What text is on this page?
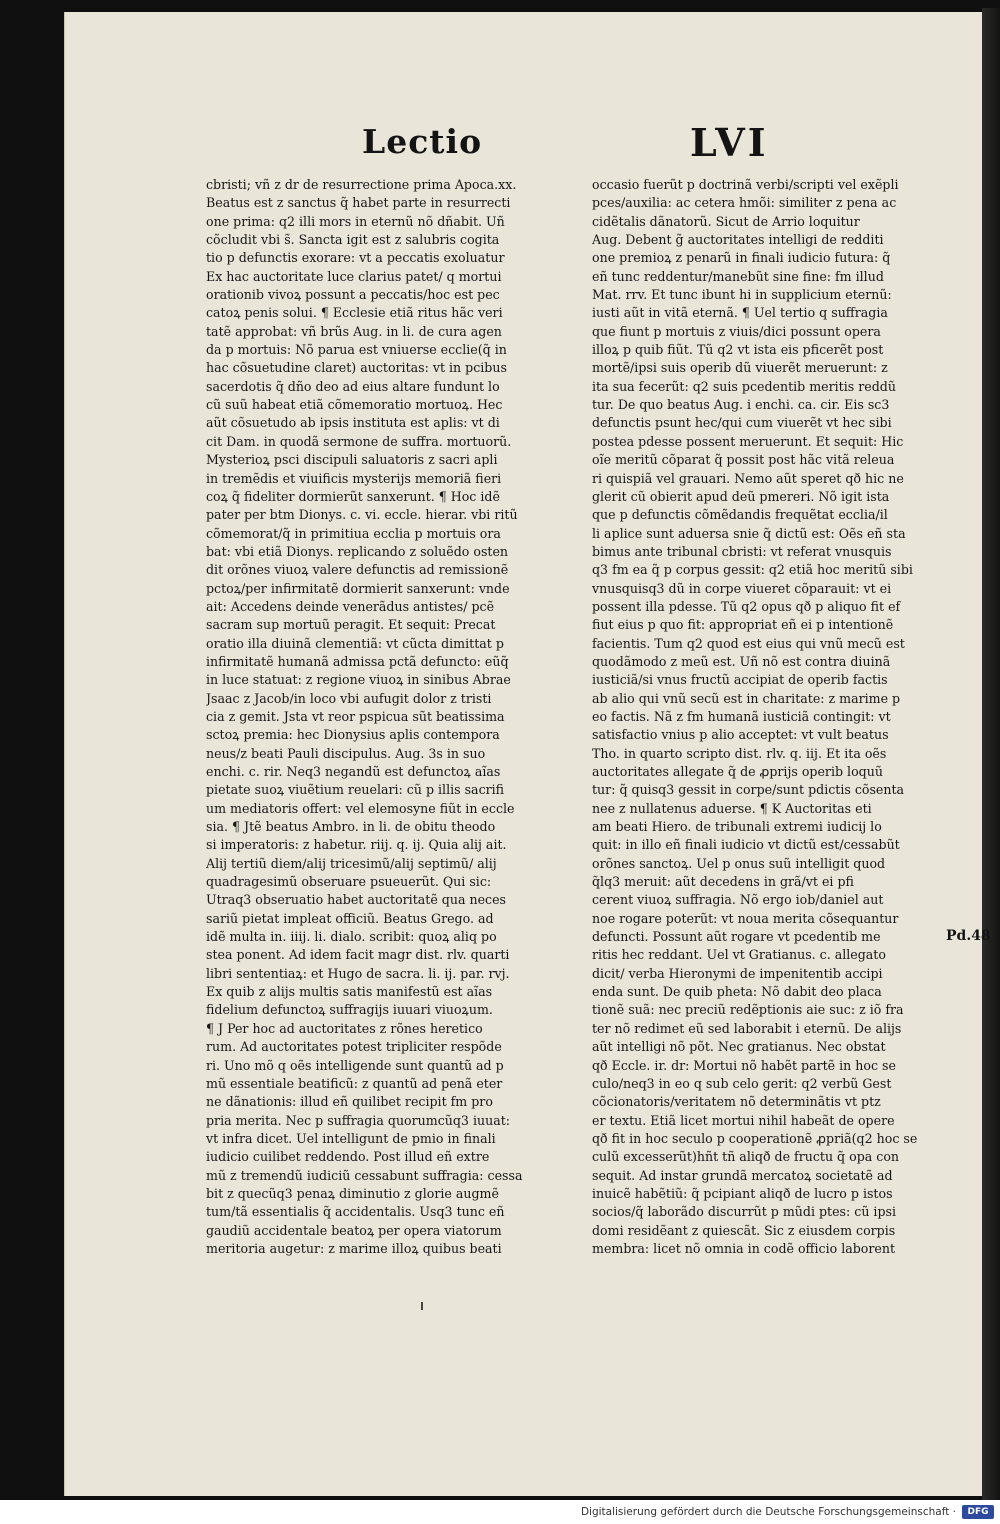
Lectio	LVI
cbristi; vñ z dr de resurrectione prima Apoca.xx.
Beatus est z sanctus q̃ habet parte in resurrecti
one prima: q2 illi mors in eternũ nõ dñabit. Uñ
cõcludit vbi s̃. Sancta igit est z salubris cogita
tio p defunctis exorare: vt a peccatis exoluatur
Ex hac auctoritate luce clarius patet/ q mortui
orationib vivoꝝ possunt a peccatis/hoc est pec
catoꝝ penis solui. ¶ Ecclesie etiã ritus hãc veri
tatẽ approbat: vñ brũs Aug. in li. de cura agen
da p mortuis: Nõ parua est vniuerse ecclie(q̃ in
hac cõsuetudine claret) auctoritas: vt in pcibus
sacerdotis q̃ dño deo ad eius altare fundunt lo
cũ suũ habeat etiã cõmemoratio mortuoꝝ. Hec
aũt cõsuetudo ab ipsis instituta est aplis: vt di
cit Dam. in quodã sermone de suffra. mortuorũ.
Mysterioꝝ psci discipuli saluatoris z sacri apli
in tremẽdis et viuificis mysterijs memoriã fieri
coꝝ q̃ fideliter dormierũt sanxerunt. ¶ Hoc idẽ
pater per btm Dionys. c. vi. eccle. hierar. vbi ritũ
cõmemorat/q̃ in primitiua ecclia p mortuis ora
bat: vbi etiã Dionys. replicando z soluẽdo osten
dit orõnes viuoꝝ valere defunctis ad remissionẽ
pctoꝝ/per infirmitatẽ dormierit sanxerunt: vnde
ait: Accedens deinde venerãdus antistes/ pcẽ
sacram sup mortuũ peragit. Et sequit: Precat
oratio illa diuinã clementiã: vt cũcta dimittat p
infirmitatẽ humanã admissa pctã defuncto: eũq̃
in luce statuat: z regione viuoꝝ in sinibus Abrae
Jsaac z Jacob/in loco vbi aufugit dolor z tristi
cia z gemit. Jsta vt reor pspicua sũt beatissima
sctoꝝ premia: hec Dionysius aplis contempora
neus/z beati Pauli discipulus. Aug. 3s in suo
enchi. c. rir. Neq3 negandũ est defunctoꝝ aĩas
pietate suoꝝ viuẽtium reuelari: cũ p illis sacrifi
um mediatoris offert: vel elemosyne fiũt in eccle
sia. ¶ Jtẽ beatus Ambro. in li. de obitu theodo
si imperatoris: z habetur. riij. q. ij. Quia alij ait.
Alij tertiũ diem/alij tricesimũ/alij septimũ/ alij
quadragesimũ obseruare psueuerũt. Qui sic:
Utraq3 obseruatio habet auctoritatẽ qua neces
sariũ pietat impleat officiũ. Beatus Grego. ad
idẽ multa in. iiij. li. dialo. scribit: quoꝝ aliq po
stea ponent. Ad idem facit magr dist. rlv. quarti
libri sententiaꝝ: et Hugo de sacra. li. ij. par. rvj.
Ex quib z alijs multis satis manifestũ est aĩas
fidelium defunctoꝝ suffragijs iuuari viuoꝝum.
¶ J Per hoc ad auctoritates z rõnes heretico
rum. Ad auctoritates potest tripliciter respõde
ri. Uno mõ q oẽs intelligende sunt quantũ ad p
mũ essentiale beatificũ: z quantũ ad penã eter
ne dãnationis: illud eñ quilibet recipit fm pro
pria merita. Nec p suffragia quorumcũq3 iuuat:
vt infra dicet. Uel intelligunt de pmio in finali
iudicio cuilibet reddendo. Post illud eñ extre
mũ z tremendũ iudiciũ cessabunt suffragia: cessa
bit z quecũq3 penaꝝ diminutio z glorie augmẽ
tum/tã essentialis q̃ accidentalis. Usq3 tunc eñ
gaudiũ accidentale beatoꝝ per opera viatorum
meritoria augetur: z marime illoꝝ quibus beati
occasio fuerũt p doctrinã verbi/scripti vel exẽpli
pces/auxilia: ac cetera hmõi: similiter z pena ac
cidẽtalis dãnatorũ. Sicut de Arrio loquitur
Aug. Debent g̃ auctoritates intelligi de redditi
one premioꝝ z penarũ in finali iudicio futura: q̃
eñ tunc reddentur/manebũt sine fine: fm illud
Mat. rrv. Et tunc ibunt hi in supplicium eternũ:
iusti aũt in vitã eternã. ¶ Uel tertio q suffragia
que fiunt p mortuis z viuis/dici possunt opera
illoꝝ p quib fiũt. Tũ q2 vt ista eis pficerẽt post
mortẽ/ipsi suis operib dũ viuerẽt meruerunt: z
ita sua fecerũt: q2 suis pcedentib meritis reddũ
tur. De quo beatus Aug. i enchi. ca. cir. Eis sc3
defunctis psunt hec/qui cum viuerẽt vt hec sibi
postea pdesse possent meruerunt. Et sequit: Hic
oĩe meritũ cõparat q̃ possit post hãc vitã releua
ri quispiã vel grauari. Nemo aũt speret qð hic ne
glerit cũ obierit apud deũ pmereri. Nõ igit ista
que p defunctis cõmẽdandis frequẽtat ecclia/il
li aplice sunt aduersa snie q̃ dictũ est: Oẽs eñ sta
bimus ante tribunal cbristi: vt referat vnusquis
q3 fm ea q̃ p corpus gessit: q2 etiã hoc meritũ sibi
vnusquisq3 dũ in corpe viueret cõparauit: vt ei
possent illa pdesse. Tũ q2 opus qð p aliquo fit ef
fiut eius p quo fit: appropriat eñ ei p intentionẽ
facientis. Tum q2 quod est eius qui vnũ mecũ est
quodãmodo z meũ est. Uñ nõ est contra diuinã
iusticiã/si vnus fructũ accipiat de operib factis
ab alio qui vnũ secũ est in charitate: z marime p
eo factis. Nã z fm humanã iusticiã contingit: vt
satisfactio vnius p alio acceptet: vt vult beatus
Tho. in quarto scripto dist. rlv. q. iij. Et ita oẽs
auctoritates allegate q̃ de ꝓprijs operib loquũ
tur: q̃ quisq3 gessit in corpe/sunt pdictis cõsenta
nee z nullatenus aduerse. ¶ K Auctoritas eti
am beati Hiero. de tribunali extremi iudicij lo
quit: in illo eñ finali iudicio vt dictũ est/cessabũt
orõnes sanctoꝝ. Uel p onus suũ intelligit quod
q̃lq3 meruit: aũt decedens in grã/vt ei pfi
cerent viuoꝝ suffragia. Nõ ergo iob/daniel aut
noe rogare poterũt: vt noua merita cõsequantur
defuncti. Possunt aũt rogare vt pcedentib me
ritis hec reddant. Uel vt Gratianus. c. allegato
dicit/ verba Hieronymi de impenitentib accipi
enda sunt. De quib pheta: Nõ dabit deo placa
tionẽ suã: nec preciũ redẽptionis aie suc: z iõ fra
ter nõ redimet eũ sed laborabit i eternũ. De alijs
aũt intelligi nõ põt. Nec gratianus. Nec obstat
qð Eccle. ir. dr: Mortui nõ habẽt partẽ in hoc se
culo/neq3 in eo q sub celo gerit: q2 verbũ Gest
cõcionatoris/veritatem nõ determinãtis vt ptz
er textu. Etiã licet mortui nihil habeãt de opere
qð fit in hoc seculo p cooperationẽ ꝓpriã(q2 hoc se
culũ excesserũt)hñt tñ aliqð de fructu q̃ opa con
sequit. Ad instar grundã mercatoꝝ societatẽ ad
inuicẽ habẽtiũ: q̃ pcipiant aliqð de lucro p istos
socios/q̃ laborãdo discurrũt p mũdi ptes: cũ ipsi
domi residẽant z quiescãt. Sic z eiusdem corpis
membra: licet nõ omnia in codẽ officio laborent
Pd.48
Digitalisierung gefördert durch die Deutsche Forschungsgemeinschaft ·	DFG
